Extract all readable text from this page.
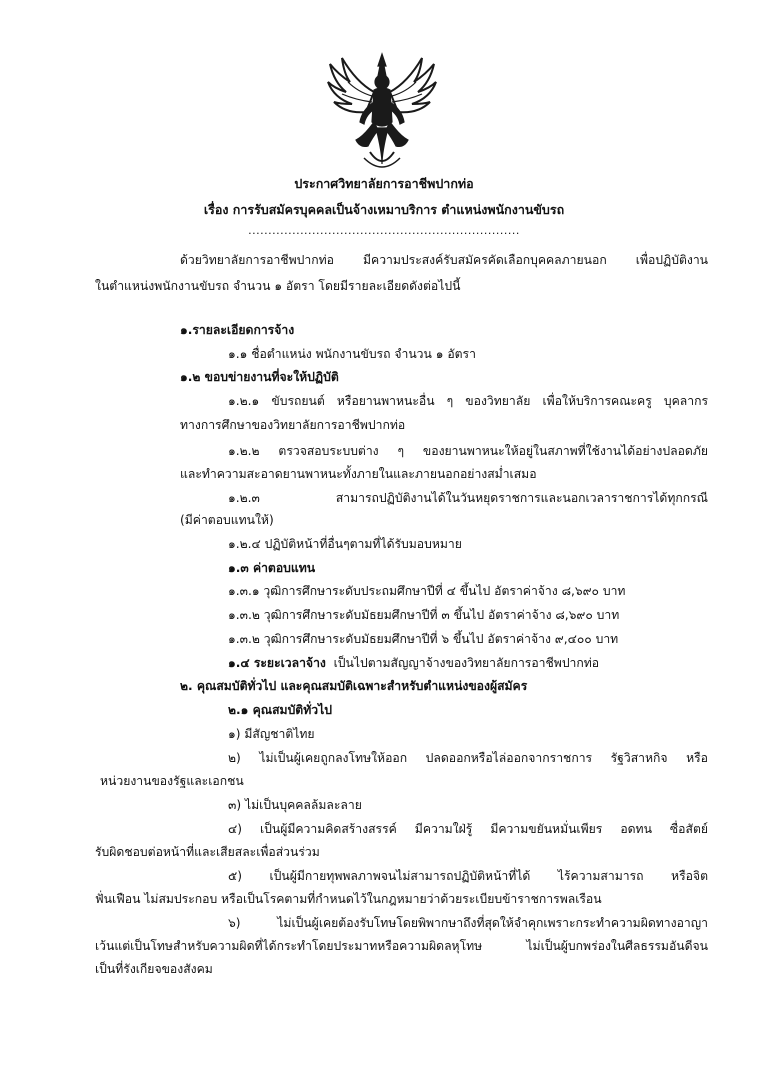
ประกาศวิทยาลัยการอาชีพปากท่อ
เรื่อง การรับสมัครบุคคลเป็นจ้างเหมาบริการ ตำแหน่งพนักงานขับรถ
....................................................................
ด้วยวิทยาลัยการอาชีพปากท่อ มีความประสงค์รับสมัครคัดเลือกบุคคลภายนอก เพื่อปฏิบัติงาน
ในตำแหน่งพนักงานขับรถ จำนวน ๑ อัตรา โดยมีรายละเอียดดังต่อไปนี้
๑.รายละเอียดการจ้าง
๑.๑ ชื่อตำแหน่ง พนักงานขับรถ จำนวน ๑ อัตรา
๑.๒ ขอบข่ายงานที่จะให้ปฏิบัติ
๑.๒.๑ ขับรถยนต์ หรือยานพาหนะอื่น ๆ ของวิทยาลัย เพื่อให้บริการคณะครู บุคลากร
ทางการศึกษาของวิทยาลัยการอาชีพปากท่อ
๑.๒.๒ ตรวจสอบระบบต่าง ๆ ของยานพาหนะให้อยู่ในสภาพที่ใช้งานได้อย่างปลอดภัย
และทำความสะอาดยานพาหนะทั้งภายในและภายนอกอย่างสม่ำเสมอ
๑.๒.๓ สามารถปฏิบัติงานได้ในวันหยุดราชการและนอกเวลาราชการได้ทุกกรณี
(มีค่าตอบแทนให้)
๑.๒.๔ ปฏิบัติหน้าที่อื่นๆตามที่ได้รับมอบหมาย
๑.๓ ค่าตอบแทน
๑.๓.๑ วุฒิการศึกษาระดับประถมศึกษาปีที่ ๔ ขึ้นไป อัตราค่าจ้าง ๘,๖๙๐ บาท
๑.๓.๒ วุฒิการศึกษาระดับมัธยมศึกษาปีที่ ๓ ขึ้นไป อัตราค่าจ้าง ๘,๖๙๐ บาท
๑.๓.๒ วุฒิการศึกษาระดับมัธยมศึกษาปีที่ ๖ ขึ้นไป อัตราค่าจ้าง ๙,๔๐๐ บาท
๑.๔ ระยะเวลาจ้าง เป็นไปตามสัญญาจ้างของวิทยาลัยการอาชีพปากท่อ
๒. คุณสมบัติทั่วไป และคุณสมบัติเฉพาะสำหรับตำแหน่งของผู้สมัคร
๒.๑ คุณสมบัติทั่วไป
๑) มีสัญชาติไทย
๒) ไม่เป็นผู้เคยถูกลงโทษให้ออก ปลดออกหรือไล่ออกจากราชการ รัฐวิสาหกิจ หรือ
หน่วยงานของรัฐและเอกชน
๓) ไม่เป็นบุคคลล้มละลาย
๔) เป็นผู้มีความคิดสร้างสรรค์ มีความใฝ่รู้ มีความขยันหมั่นเพียร อดทน ซื่อสัตย์
รับผิดชอบต่อหน้าที่และเสียสละเพื่อส่วนร่วม
๕) เป็นผู้มีกายทุพพลภาพจนไม่สามารถปฏิบัติหน้าที่ได้ ไร้ความสามารถ หรือจิต
ฟั่นเฟือน ไม่สมประกอบ หรือเป็นโรคตามที่กำหนดไว้ในกฎหมายว่าด้วยระเบียบข้าราชการพลเรือน
๖) ไม่เป็นผู้เคยต้องรับโทษโดยพิพากษาถึงที่สุดให้จำคุกเพราะกระทำความผิดทางอาญา
เว้นแต่เป็นโทษสำหรับความผิดที่ได้กระทำโดยประมาทหรือความผิดลหุโทษ ไม่เป็นผู้บกพร่องในศีลธรรมอันดีจน
เป็นที่รังเกียจของสังคม
